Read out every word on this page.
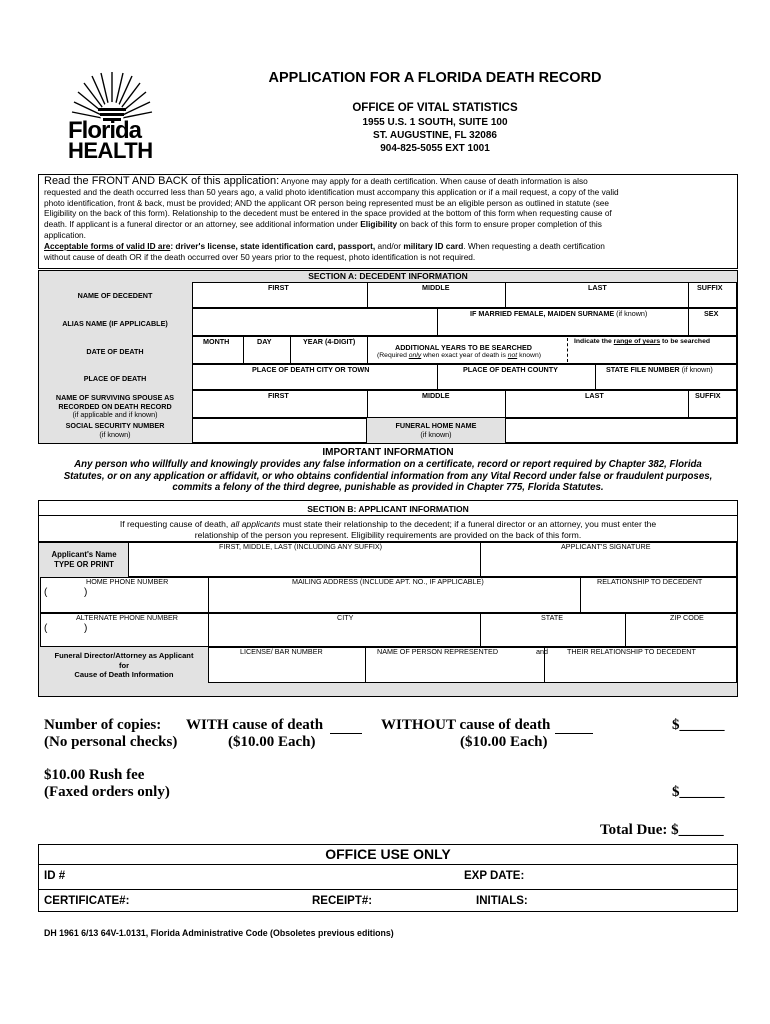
Florida
HEALTH
APPLICATION FOR A FLORIDA DEATH RECORD
OFFICE OF VITAL STATISTICS
1955 U.S. 1 SOUTH, SUITE 100
ST. AUGUSTINE, FL 32086
904-825-5055 EXT 1001
Read the FRONT AND BACK of this application: Anyone may apply for a death certification. When cause of death information is also
requested and the death occurred less than 50 years ago, a valid photo identification must accompany this application or if a mail request, a copy of the valid
photo identification, front & back, must be provided; AND the applicant OR person being represented must be an eligible person as outlined in statute (see
Eligibility on the back of this form). Relationship to the decedent must be entered in the space provided at the bottom of this form when requesting cause of
death. If applicant is a funeral director or an attorney, see additional information under Eligibility on back of this form to ensure proper completion of this
application.
Acceptable forms of valid ID are: driver's license, state identification card, passport, and/or military ID card. When requesting a death certification
without cause of death OR if the death occurred over 50 years prior to the request, photo identification is not required.
SECTION A: DECEDENT INFORMATION
NAME OF DECEDENT
FIRST	MIDDLE	LAST	SUFFIX
ALIAS NAME (IF APPLICABLE)
IF MARRIED FEMALE, MAIDEN SURNAME (if known)	SEX
DATE OF DEATH
MONTH	DAY	YEAR (4-DIGIT)
ADDITIONAL YEARS TO BE SEARCHED
(Required only when exact year of death is not known)
Indicate the range of years to be searched
PLACE OF DEATH
PLACE OF DEATH CITY OR TOWN	PLACE OF DEATH COUNTY	STATE FILE NUMBER (if known)
NAME OF SURVIVING SPOUSE AS
RECORDED ON DEATH RECORD
(if applicable and if known)
FIRST	MIDDLE	LAST	SUFFIX
SOCIAL SECURITY NUMBER
(if known)
FUNERAL HOME NAME
(if known)
IMPORTANT INFORMATION
Any person who willfully and knowingly provides any false information on a certificate, record or report required by Chapter 382, Florida
Statutes, or on any application or affidavit, or who obtains confidential information from any Vital Record under false or fraudulent purposes,
commits a felony of the third degree, punishable as provided in Chapter 775, Florida Statutes.
SECTION B: APPLICANT INFORMATION
If requesting cause of death, all applicants must state their relationship to the decedent; if a funeral director or an attorney, you must enter the
relationship of the person you represent. Eligibility requirements are provided on the back of this form.
Applicant's Name
TYPE OR PRINT
FIRST, MIDDLE, LAST (INCLUDING ANY SUFFIX)	APPLICANT'S SIGNATURE
HOME PHONE NUMBER
(	)
MAILING ADDRESS (INCLUDE APT. NO., IF APPLICABLE)	RELATIONSHIP TO DECEDENT
ALTERNATE PHONE NUMBER
(	)
CITY	STATE	ZIP CODE
Funeral Director/Attorney as Applicant
for
Cause of Death Information
LICENSE/ BAR NUMBER	NAME OF PERSON REPRESENTED	and	THEIR RELATIONSHIP TO DECEDENT
Number of copies:
(No personal checks)
WITH cause of death
($10.00 Each)
WITHOUT cause of death
($10.00 Each)
$______
$10.00 Rush fee
(Faxed orders only)	$______
Total Due: $______
OFFICE USE ONLY
ID #	EXP DATE:
CERTIFICATE#:	RECEIPT#:	INITIALS:
DH 1961 6/13 64V-1.0131, Florida Administrative Code (Obsoletes previous editions)
